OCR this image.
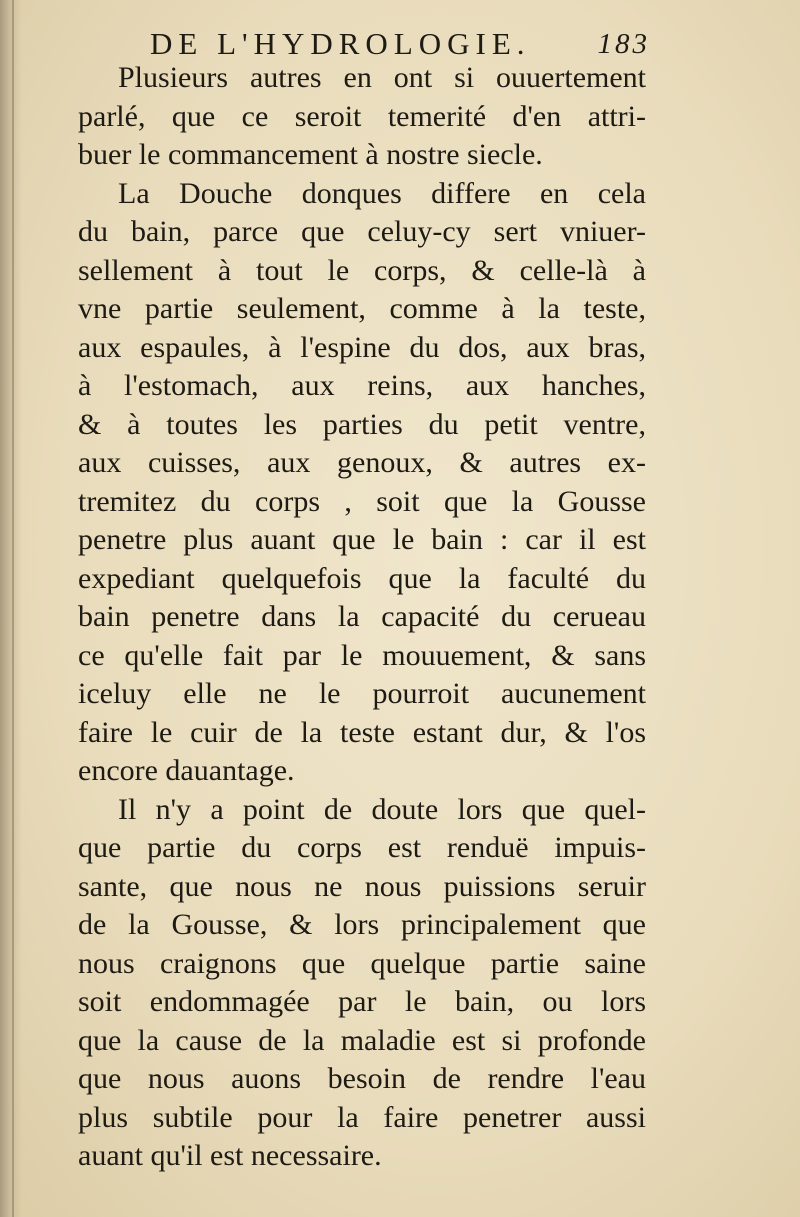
DE L'HYDROLOGIE. 183
Plusieurs autres en ont si ouuertement
parlé, que ce seroit temerité d'en attri-
buer le commancement à nostre siecle.
La Douche donques differe en cela
du bain, parce que celuy-cy sert vniuer-
sellement à tout le corps, & celle-là à
vne partie seulement, comme à la teste,
aux espaules, à l'espine du dos, aux bras,
à l'estomach, aux reins, aux hanches,
& à toutes les parties du petit ventre,
aux cuisses, aux genoux, & autres ex-
tremitez du corps , soit que la Gousse
penetre plus auant que le bain : car il est
expediant quelquefois que la faculté du
bain penetre dans la capacité du cerueau
ce qu'elle fait par le mouuement, & sans
iceluy elle ne le pourroit aucunement
faire le cuir de la teste estant dur, & l'os
encore dauantage.
Il n'y a point de doute lors que quel-
que partie du corps est renduë impuis-
sante, que nous ne nous puissions seruir
de la Gousse, & lors principalement que
nous craignons que quelque partie saine
soit endommagée par le bain, ou lors
que la cause de la maladie est si profonde
que nous auons besoin de rendre l'eau
plus subtile pour la faire penetrer aussi
auant qu'il est necessaire.
